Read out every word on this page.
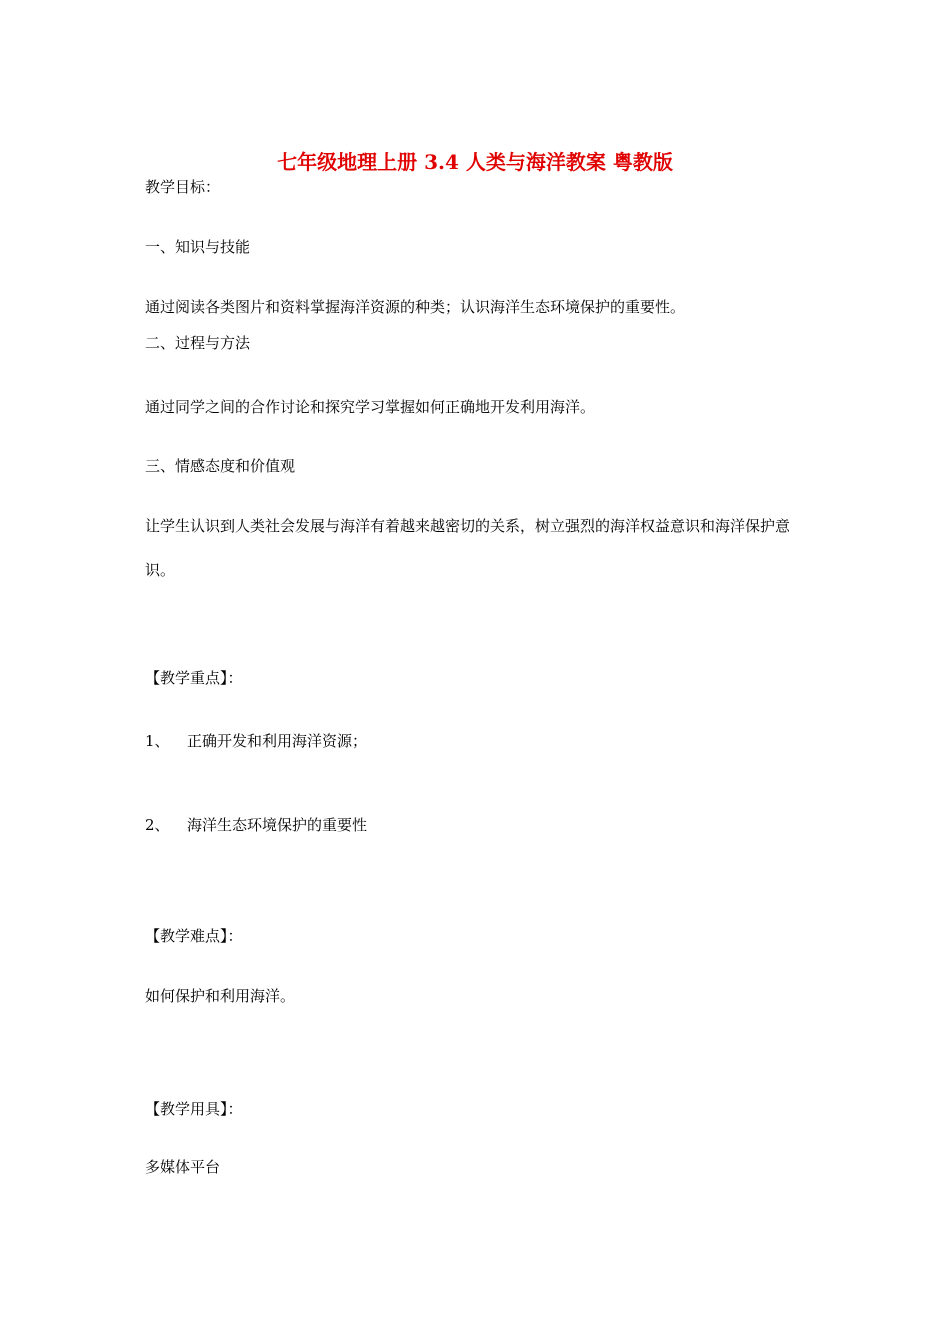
七年级地理上册 3.4 人类与海洋教案 粤教版
教学目标：
一、知识与技能
通过阅读各类图片和资料掌握海洋资源的种类；认识海洋生态环境保护的重要性。
二、过程与方法
通过同学之间的合作讨论和探究学习掌握如何正确地开发利用海洋。
三、情感态度和价值观
让学生认识到人类社会发展与海洋有着越来越密切的关系，树立强烈的海洋权益意识和海洋保护意识。
【教学重点】：
1、 正确开发和利用海洋资源；
2、 海洋生态环境保护的重要性
【教学难点】：
如何保护和利用海洋。
【教学用具】：
多媒体平台
